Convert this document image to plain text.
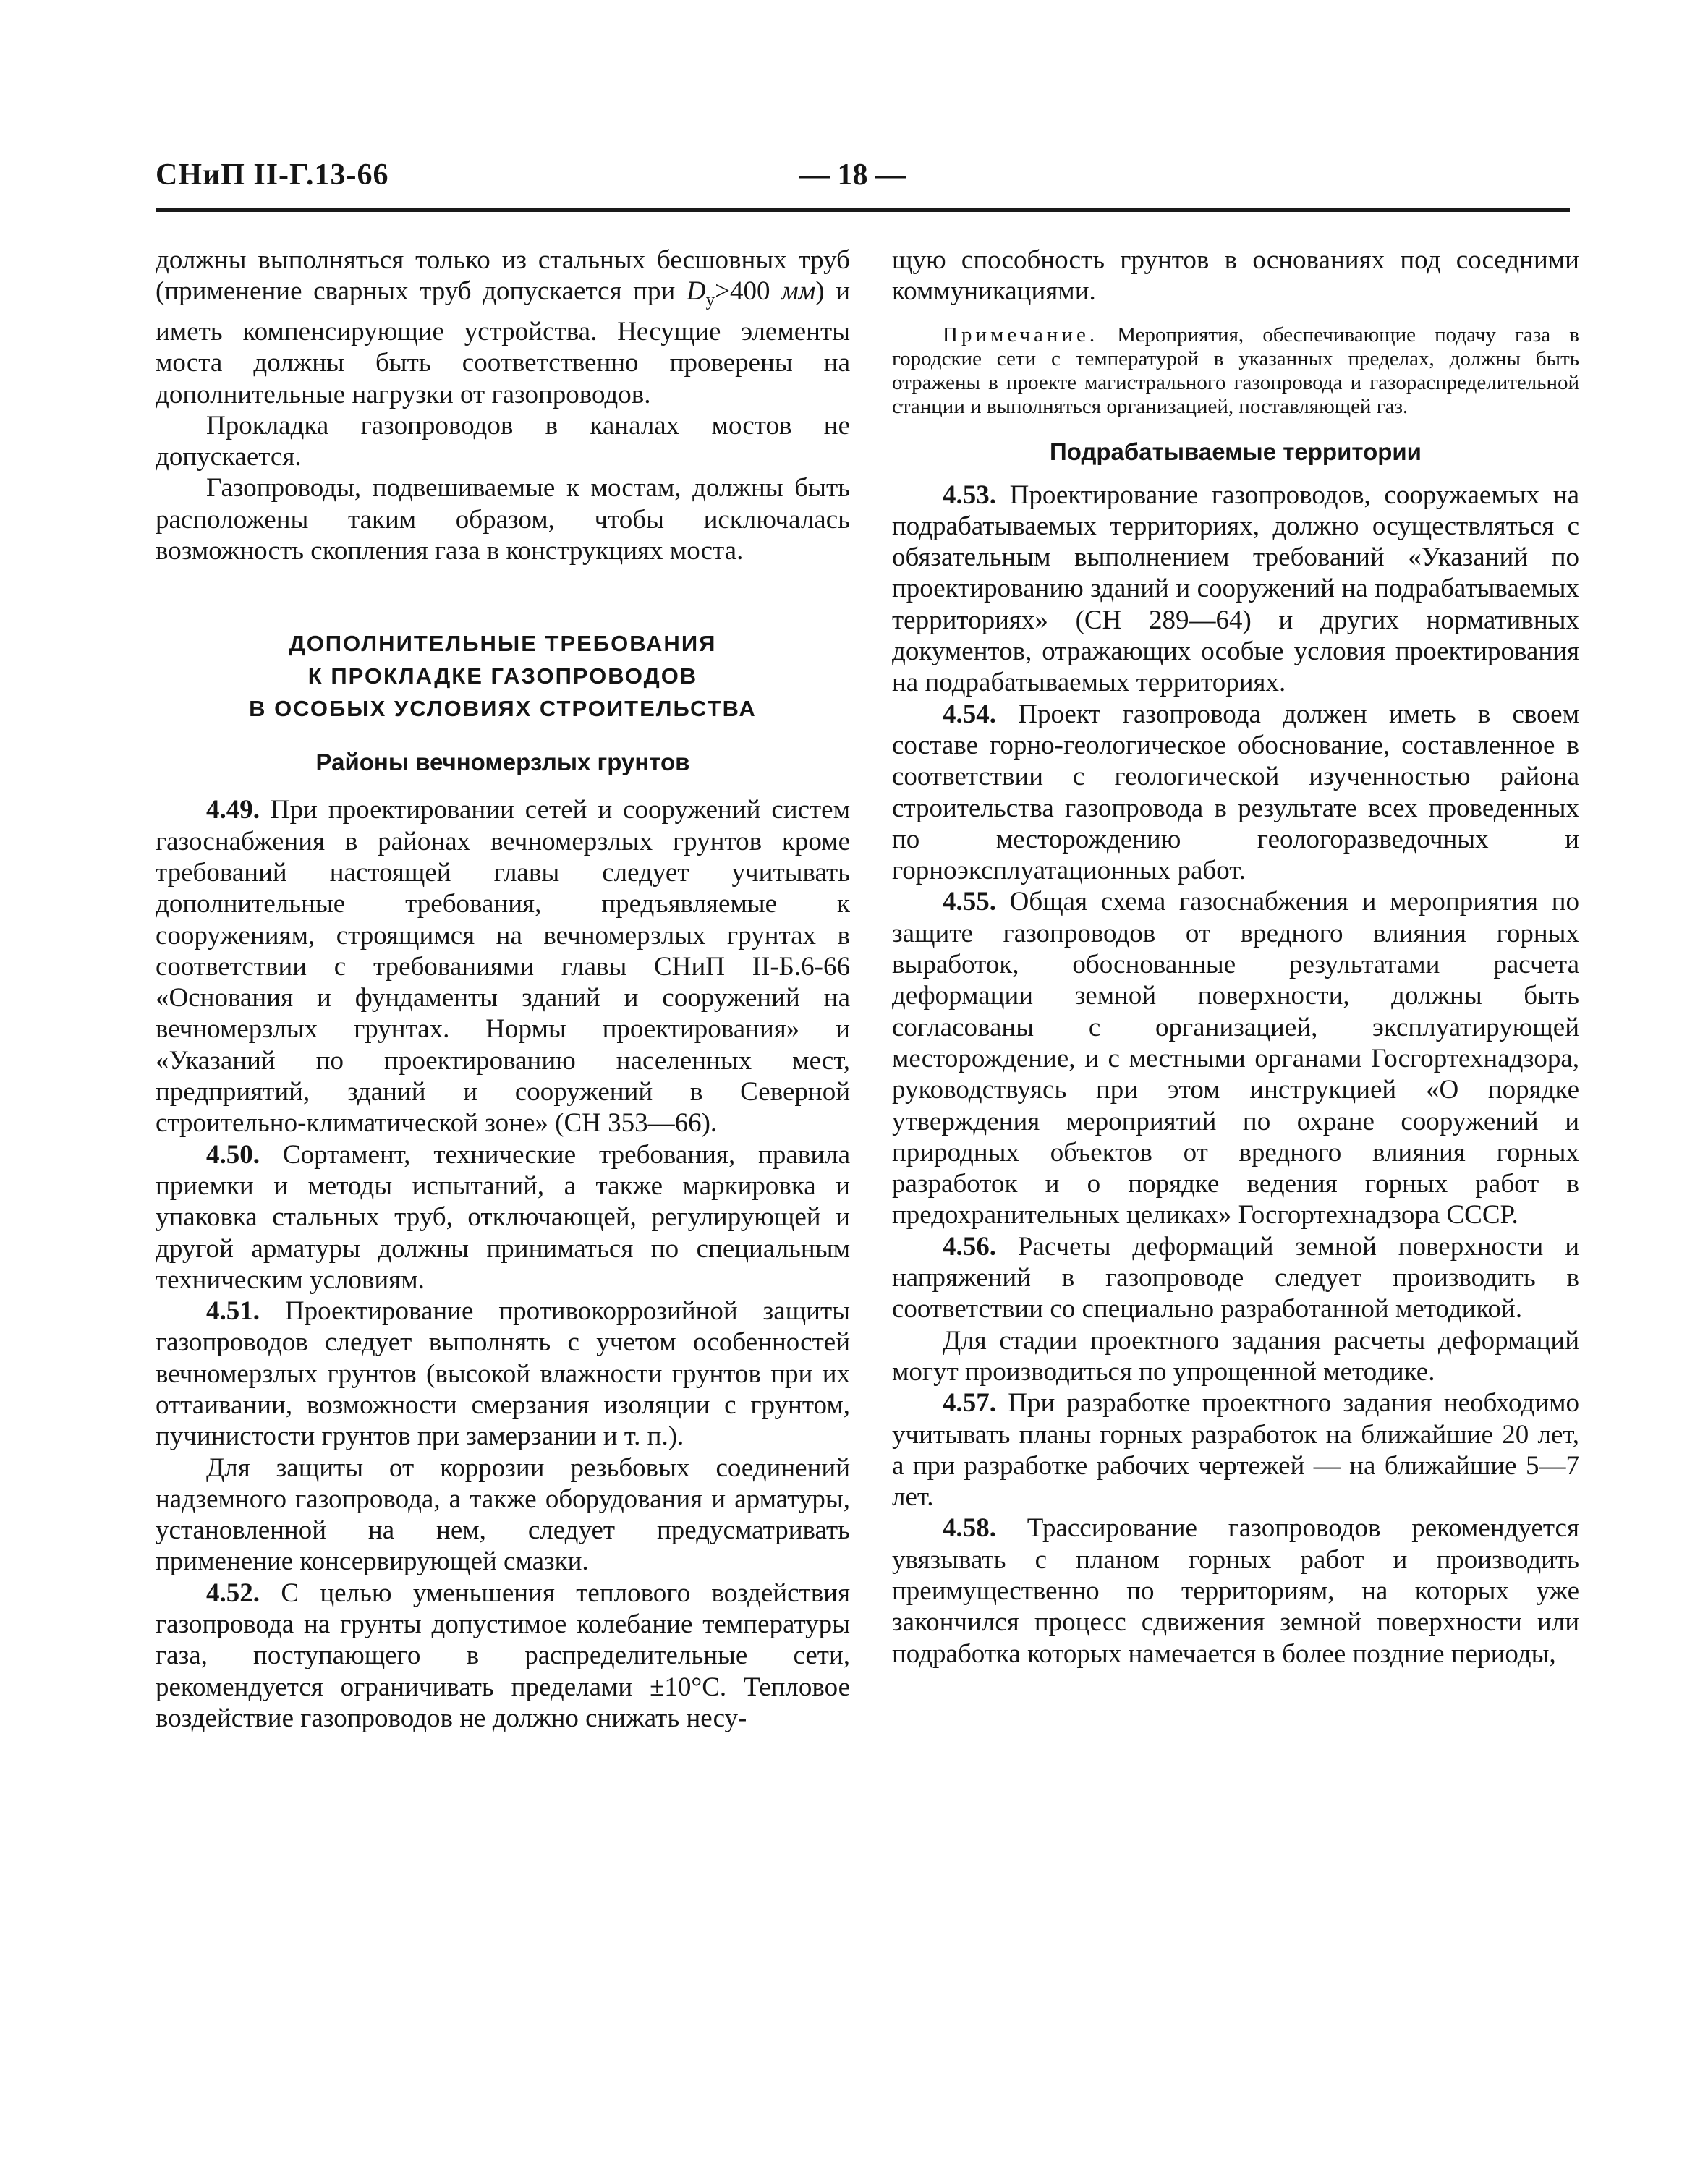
СНиП II-Г.13-66	— 18 —

должны выполняться только из стальных бесшовных труб (применение сварных труб допускается при $D_у>400$ мм) и иметь компенсирующие устройства. Несущие элементы моста должны быть соответственно проверены на дополнительные нагрузки от газопроводов.

Прокладка газопроводов в каналах мостов не допускается.

Газопроводы, подвешиваемые к мостам, должны быть расположены таким образом, чтобы исключалась возможность скопления газа в конструкциях моста.

ДОПОЛНИТЕЛЬНЫЕ ТРЕБОВАНИЯ

К ПРОКЛАДКЕ ГАЗОПРОВОДОВ

В ОСОБЫХ УСЛОВИЯХ СТРОИТЕЛЬСТВА

Районы вечномерзлых грунтов

4.49. При проектировании сетей и сооружений систем газоснабжения в районах вечномерзлых грунтов кроме требований настоящей главы следует учитывать дополнительные требования, предъявляемые к сооружениям, строящимся на вечномерзлых грунтах в соответствии с требованиями главы СНиП II-Б.6-66 «Основания и фундаменты зданий и сооружений на вечномерзлых грунтах. Нормы проектирования» и «Указаний по проектированию населенных мест, предприятий, зданий и сооружений в Северной строительно-климатической зоне» (СН 353—66).

4.50. Сортамент, технические требования, правила приемки и методы испытаний, а также маркировка и упаковка стальных труб, отключающей, регулирующей и другой арматуры должны приниматься по специальным техническим условиям.

4.51. Проектирование противокоррозийной защиты газопроводов следует выполнять с учетом особенностей вечномерзлых грунтов (высокой влажности грунтов при их оттаивании, возможности смерзания изоляции с грунтом, пучинистости грунтов при замерзании и т. п.).

Для защиты от коррозии резьбовых соединений надземного газопровода, а также оборудования и арматуры, установленной на нем, следует предусматривать применение консервирующей смазки.

4.52. С целью уменьшения теплового воздействия газопровода на грунты допустимое колебание температуры газа, поступающего в распределительные сети, рекомендуется ограничивать пределами ±10°С. Тепловое воздействие газопроводов не должно снижать несу-

щую способность грунтов в основаниях под соседними коммуникациями.

Примечание. Мероприятия, обеспечивающие подачу газа в городские сети с температурой в указанных пределах, должны быть отражены в проекте магистрального газопровода и газораспределительной станции и выполняться организацией, поставляющей газ.

Подрабатываемые территории

4.53. Проектирование газопроводов, сооружаемых на подрабатываемых территориях, должно осуществляться с обязательным выполнением требований «Указаний по проектированию зданий и сооружений на подрабатываемых территориях» (СН 289—64) и других нормативных документов, отражающих особые условия проектирования на подрабатываемых территориях.

4.54. Проект газопровода должен иметь в своем составе горно-геологическое обоснование, составленное в соответствии с геологической изученностью района строительства газопровода в результате всех проведенных по месторождению геологоразведочных и горноэксплуатационных работ.

4.55. Общая схема газоснабжения и мероприятия по защите газопроводов от вредного влияния горных выработок, обоснованные результатами расчета деформации земной поверхности, должны быть согласованы с организацией, эксплуатирующей месторождение, и с местными органами Госгортехнадзора, руководствуясь при этом инструкцией «О порядке утверждения мероприятий по охране сооружений и природных объектов от вредного влияния горных разработок и о порядке ведения горных работ в предохранительных целиках» Госгортехнадзора СССР.

4.56. Расчеты деформаций земной поверхности и напряжений в газопроводе следует производить в соответствии со специально разработанной методикой.

Для стадии проектного задания расчеты деформаций могут производиться по упрощенной методике.

4.57. При разработке проектного задания необходимо учитывать планы горных разработок на ближайшие 20 лет, а при разработке рабочих чертежей — на ближайшие 5—7 лет.

4.58. Трассирование газопроводов рекомендуется увязывать с планом горных работ и производить преимущественно по территориям, на которых уже закончился процесс сдвижения земной поверхности или подработка которых намечается в более поздние периоды,
